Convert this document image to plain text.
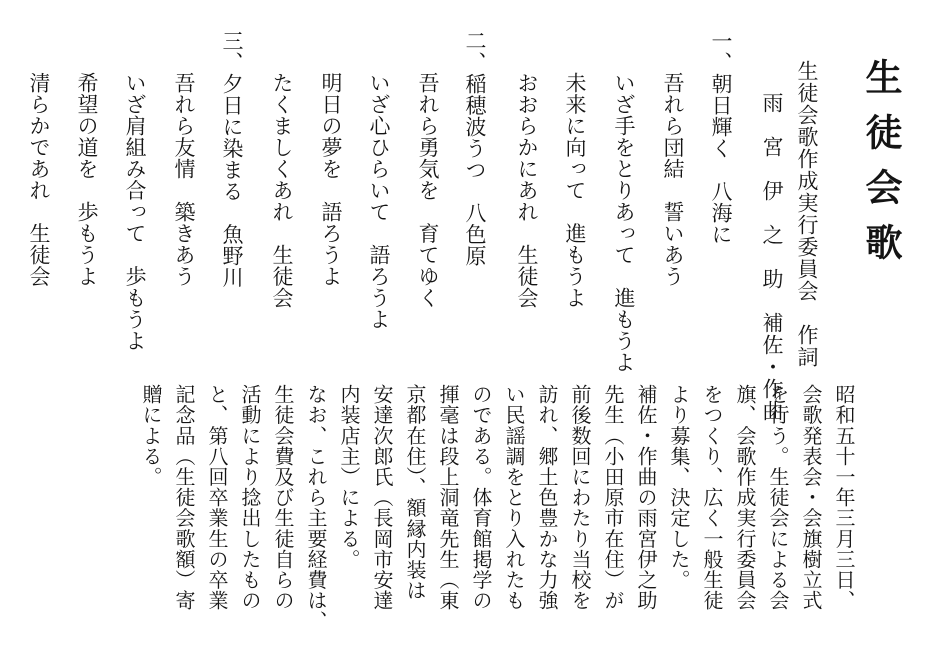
生徒会歌
生徒会歌作成実行委員会　作詞
雨　宮　伊　之　助　補佐・作曲
一、朝日輝く　八海に
吾れら団結　誓いあう
いざ手をとりあって　進もうよ
未来に向って　進もうよ
おおらかにあれ　生徒会
二、稲穂波うつ　八色原
吾れら勇気を　育てゆく
いざ心ひらいて　語ろうよ
明日の夢を　語ろうよ
たくましくあれ　生徒会
三、夕日に染まる　魚野川
吾れら友情　築きあう
いざ肩組み合って　歩もうよ
希望の道を　歩もうよ
清らかであれ　生徒会
昭和五十一年三月三日、
会歌発表会・会旗樹立式
を行う。生徒会による会
旗、会歌作成実行委員会
をつくり、広く一般生徒
より募集、決定した。
補佐・作曲の雨宮伊之助
先生（小田原市在住）が
前後数回にわたり当校を
訪れ、郷土色豊かな力強
い民謡調をとり入れたも
のである。体育館掲学の
揮毫は段上洞竜先生（東
京都在住）、額縁内装は
安達次郎氏（長岡市安達
内装店主）による。
なお、これら主要経費は、
生徒会費及び生徒自らの
活動により捻出したもの
と、第八回卒業生の卒業
記念品（生徒会歌額）寄
贈による。
